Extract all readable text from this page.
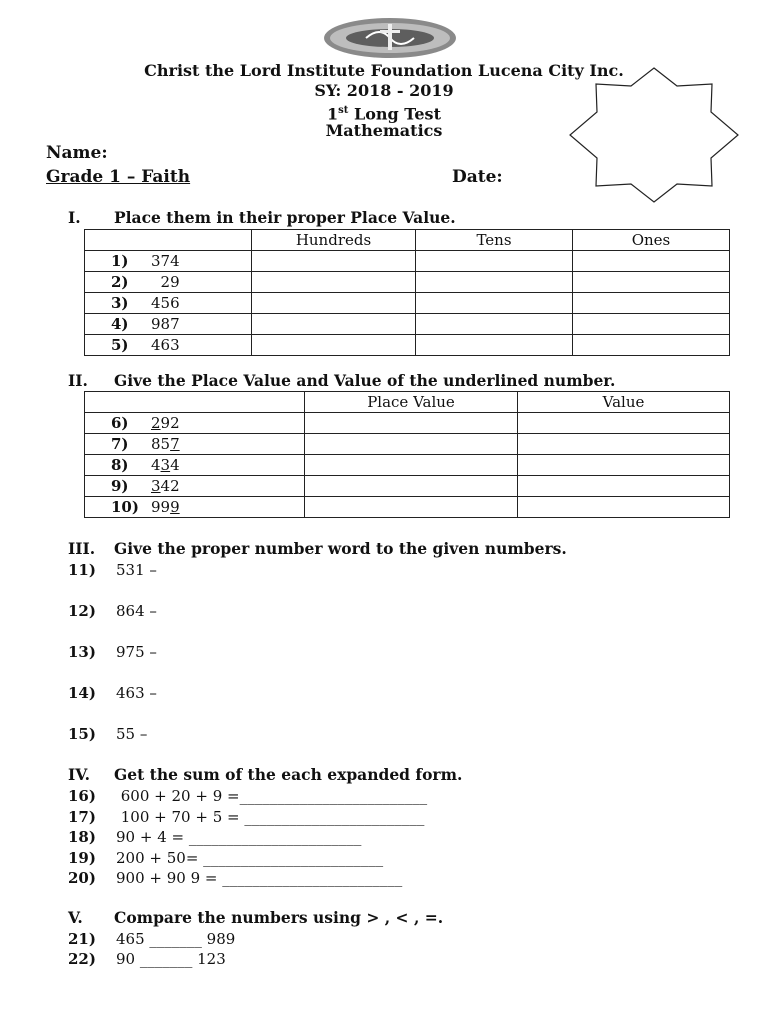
Christ the Lord Institute Foundation Lucena City Inc.
SY: 2018 - 2019
1st Long Test
Mathematics
Name:
Grade 1 – Faith	Date:
I. Place them in their proper Place Value.
	Hundreds	Tens	Ones
1) 374			
2)  29			
3) 456			
4) 987			
5) 463			
II. Give the Place Value and Value of the underlined number.
	Place Value	Value
6) 292		
7) 857		
8) 434		
9) 342		
10) 999		
III. Give the proper number word to the given numbers.
11) 531 –
12) 864 –
13) 975 –
14) 463 –
15) 55 –
IV. Get the sum of the each expanded form.
16) 600 + 20 + 9 =_________________________
17) 100 + 70 + 5 = ________________________
18) 90 + 4 = _______________________
19) 200 + 50= ________________________
20) 900 + 90 9 = ________________________
V. Compare the numbers using > , < , =.
21) 465 _______ 989
22) 90 _______ 123
